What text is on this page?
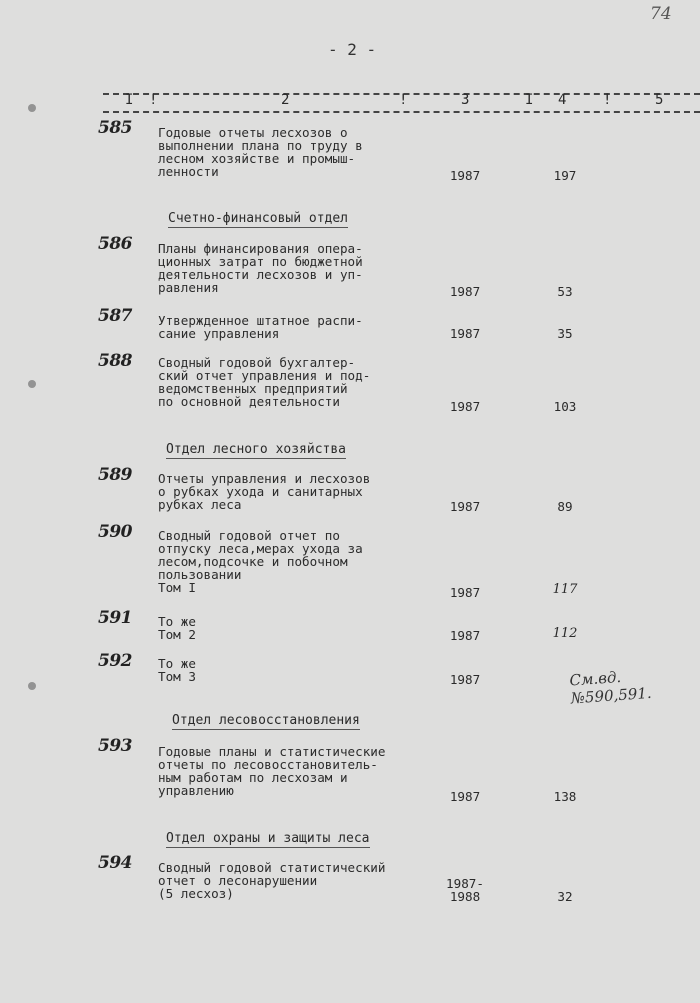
74
- 2 -
I !	2	!	3	I 4	!	5
585	Годовые отчеты лесхозов о
выполнении плана по труду в
лесном хозяйстве и промыш-
ленности	1987	197
Счетно-финансовый отдел
586	Планы финансирования опера-
ционных затрат по бюджетной
деятельности лесхозов и уп-
равления	1987	53
587	Утвержденное штатное распи-
сание управления	1987	35
588	Сводный годовой бухгалтер-
ский отчет управления и под-
ведомственных предприятий
по основной деятельности	1987	103
Отдел лесного хозяйства
589	Отчеты управления и лесхозов
о рубках ухода и санитарных
рубках леса	1987	89
590	Сводный годовой отчет по
отпуску леса,мерах ухода за
лесом,подсочке и побочном
пользовании
Том I	1987	117
591	То же
Том 2	1987	112
592	То же
Том 3	1987	См.вд.№590,591.
Отдел лесовосстановления
593	Годовые планы и статистические
отчеты по лесовосстановитель-
ным работам по лесхозам и
управлению	1987	138
Отдел охраны и защиты леса
594	Сводный годовой статистический
отчет о лесонарушении
(5 лесхоз)
1987-
1988	32
